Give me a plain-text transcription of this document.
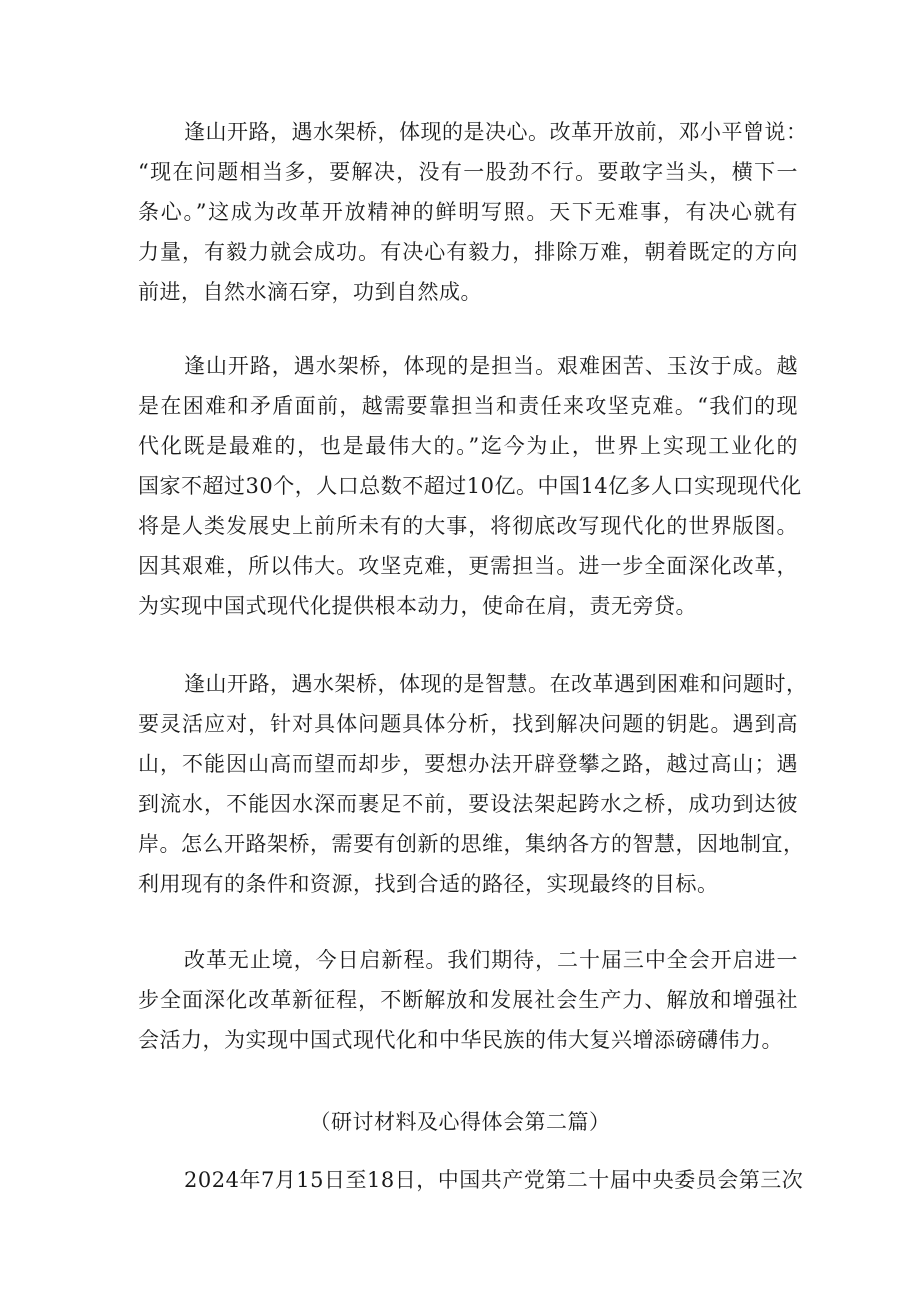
逢山开路，遇水架桥，体现的是决心。改革开放前，邓小平曾说：
“现在问题相当多，要解决，没有一股劲不行。要敢字当头，横下一
条心。”这成为改革开放精神的鲜明写照。天下无难事，有决心就有
力量，有毅力就会成功。有决心有毅力，排除万难，朝着既定的方向
前进，自然水滴石穿，功到自然成。
逢山开路，遇水架桥，体现的是担当。艰难困苦、玉汝于成。越
是在困难和矛盾面前，越需要靠担当和责任来攻坚克难。“我们的现
代化既是最难的，也是最伟大的。”迄今为止，世界上实现工业化的
国家不超过30个，人口总数不超过10亿。中国14亿多人口实现现代化
将是人类发展史上前所未有的大事，将彻底改写现代化的世界版图。
因其艰难，所以伟大。攻坚克难，更需担当。进一步全面深化改革，
为实现中国式现代化提供根本动力，使命在肩，责无旁贷。
逢山开路，遇水架桥，体现的是智慧。在改革遇到困难和问题时，
要灵活应对，针对具体问题具体分析，找到解决问题的钥匙。遇到高
山，不能因山高而望而却步，要想办法开辟登攀之路，越过高山；遇
到流水，不能因水深而裹足不前，要设法架起跨水之桥，成功到达彼
岸。怎么开路架桥，需要有创新的思维，集纳各方的智慧，因地制宜，
利用现有的条件和资源，找到合适的路径，实现最终的目标。
改革无止境，今日启新程。我们期待，二十届三中全会开启进一
步全面深化改革新征程，不断解放和发展社会生产力、解放和增强社
会活力，为实现中国式现代化和中华民族的伟大复兴增添磅礴伟力。
（研讨材料及心得体会第二篇）
2024年7月15日至18日，中国共产党第二十届中央委员会第三次
